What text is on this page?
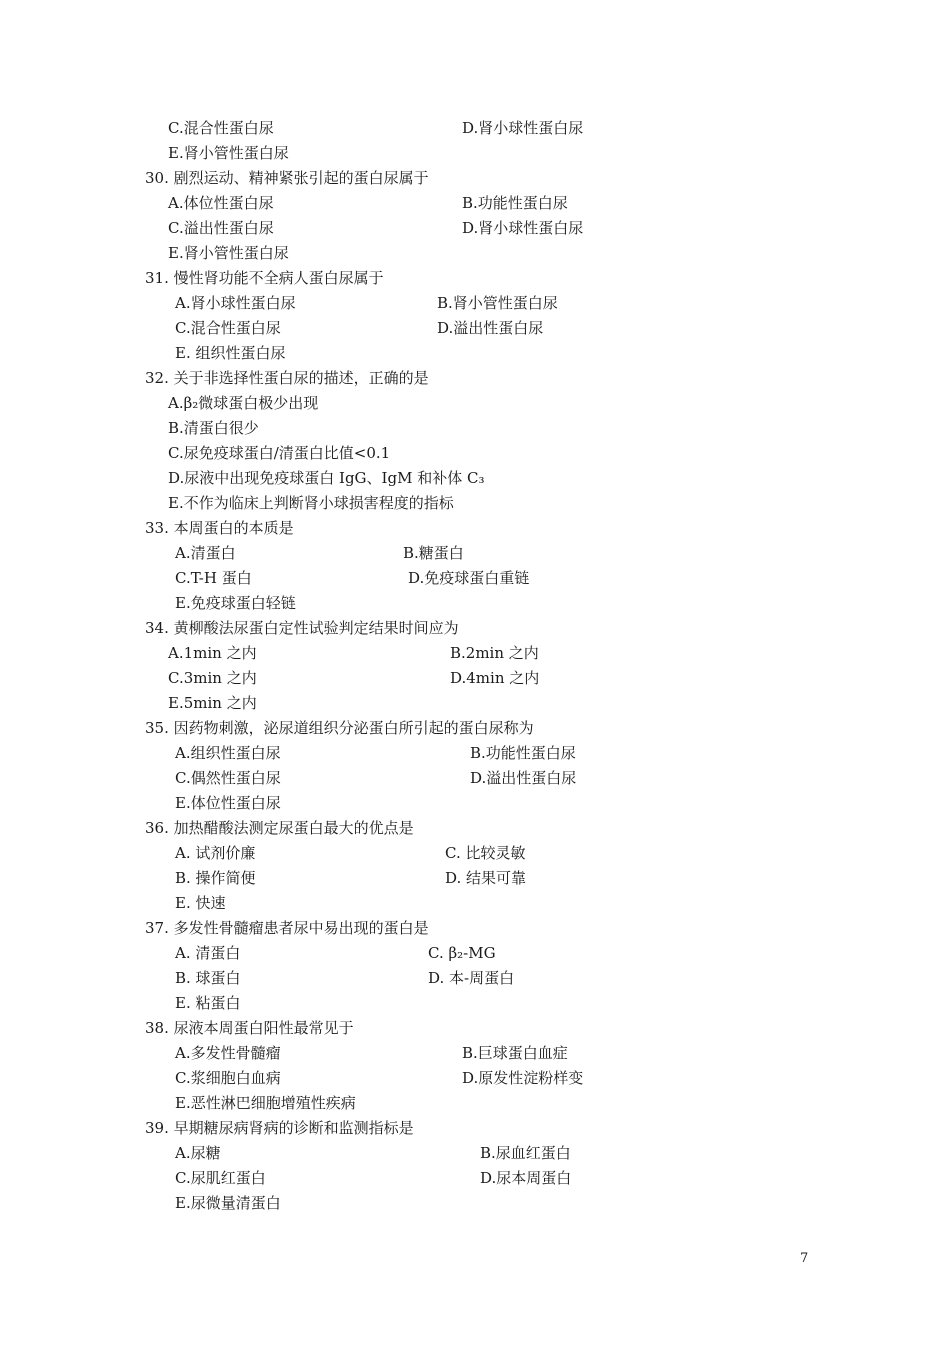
C.混合性蛋白尿	D.肾小球性蛋白尿
E.肾小管性蛋白尿
30. 剧烈运动、精神紧张引起的蛋白尿属于
A.体位性蛋白尿	B.功能性蛋白尿
C.溢出性蛋白尿	D.肾小球性蛋白尿
E.肾小管性蛋白尿
31. 慢性肾功能不全病人蛋白尿属于
A.肾小球性蛋白尿	B.肾小管性蛋白尿
C.混合性蛋白尿	D.溢出性蛋白尿
E. 组织性蛋白尿
32. 关于非选择性蛋白尿的描述，正确的是
A.β₂微球蛋白极少出现
B.清蛋白很少
C.尿免疫球蛋白/清蛋白比值<0.1
D.尿液中出现免疫球蛋白 IgG、IgM 和补体 C₃
E.不作为临床上判断肾小球损害程度的指标
33. 本周蛋白的本质是
A.清蛋白	B.糖蛋白
C.T-H 蛋白	D.免疫球蛋白重链
E.免疫球蛋白轻链
34. 黄柳酸法尿蛋白定性试验判定结果时间应为
A.1min 之内	B.2min 之内
C.3min 之内	D.4min 之内
E.5min 之内
35. 因药物刺激，泌尿道组织分泌蛋白所引起的蛋白尿称为
A.组织性蛋白尿	B.功能性蛋白尿
C.偶然性蛋白尿	D.溢出性蛋白尿
E.体位性蛋白尿
36. 加热醋酸法测定尿蛋白最大的优点是
A. 试剂价廉	C. 比较灵敏
B. 操作简便	D. 结果可靠
E. 快速
37. 多发性骨髓瘤患者尿中易出现的蛋白是
A. 清蛋白	C. β₂-MG
B. 球蛋白	D. 本-周蛋白
E. 粘蛋白
38. 尿液本周蛋白阳性最常见于
A.多发性骨髓瘤	B.巨球蛋白血症
C.浆细胞白血病	D.原发性淀粉样变
E.恶性淋巴细胞增殖性疾病
39. 早期糖尿病肾病的诊断和监测指标是
A.尿糖	B.尿血红蛋白
C.尿肌红蛋白	D.尿本周蛋白
E.尿微量清蛋白
7
